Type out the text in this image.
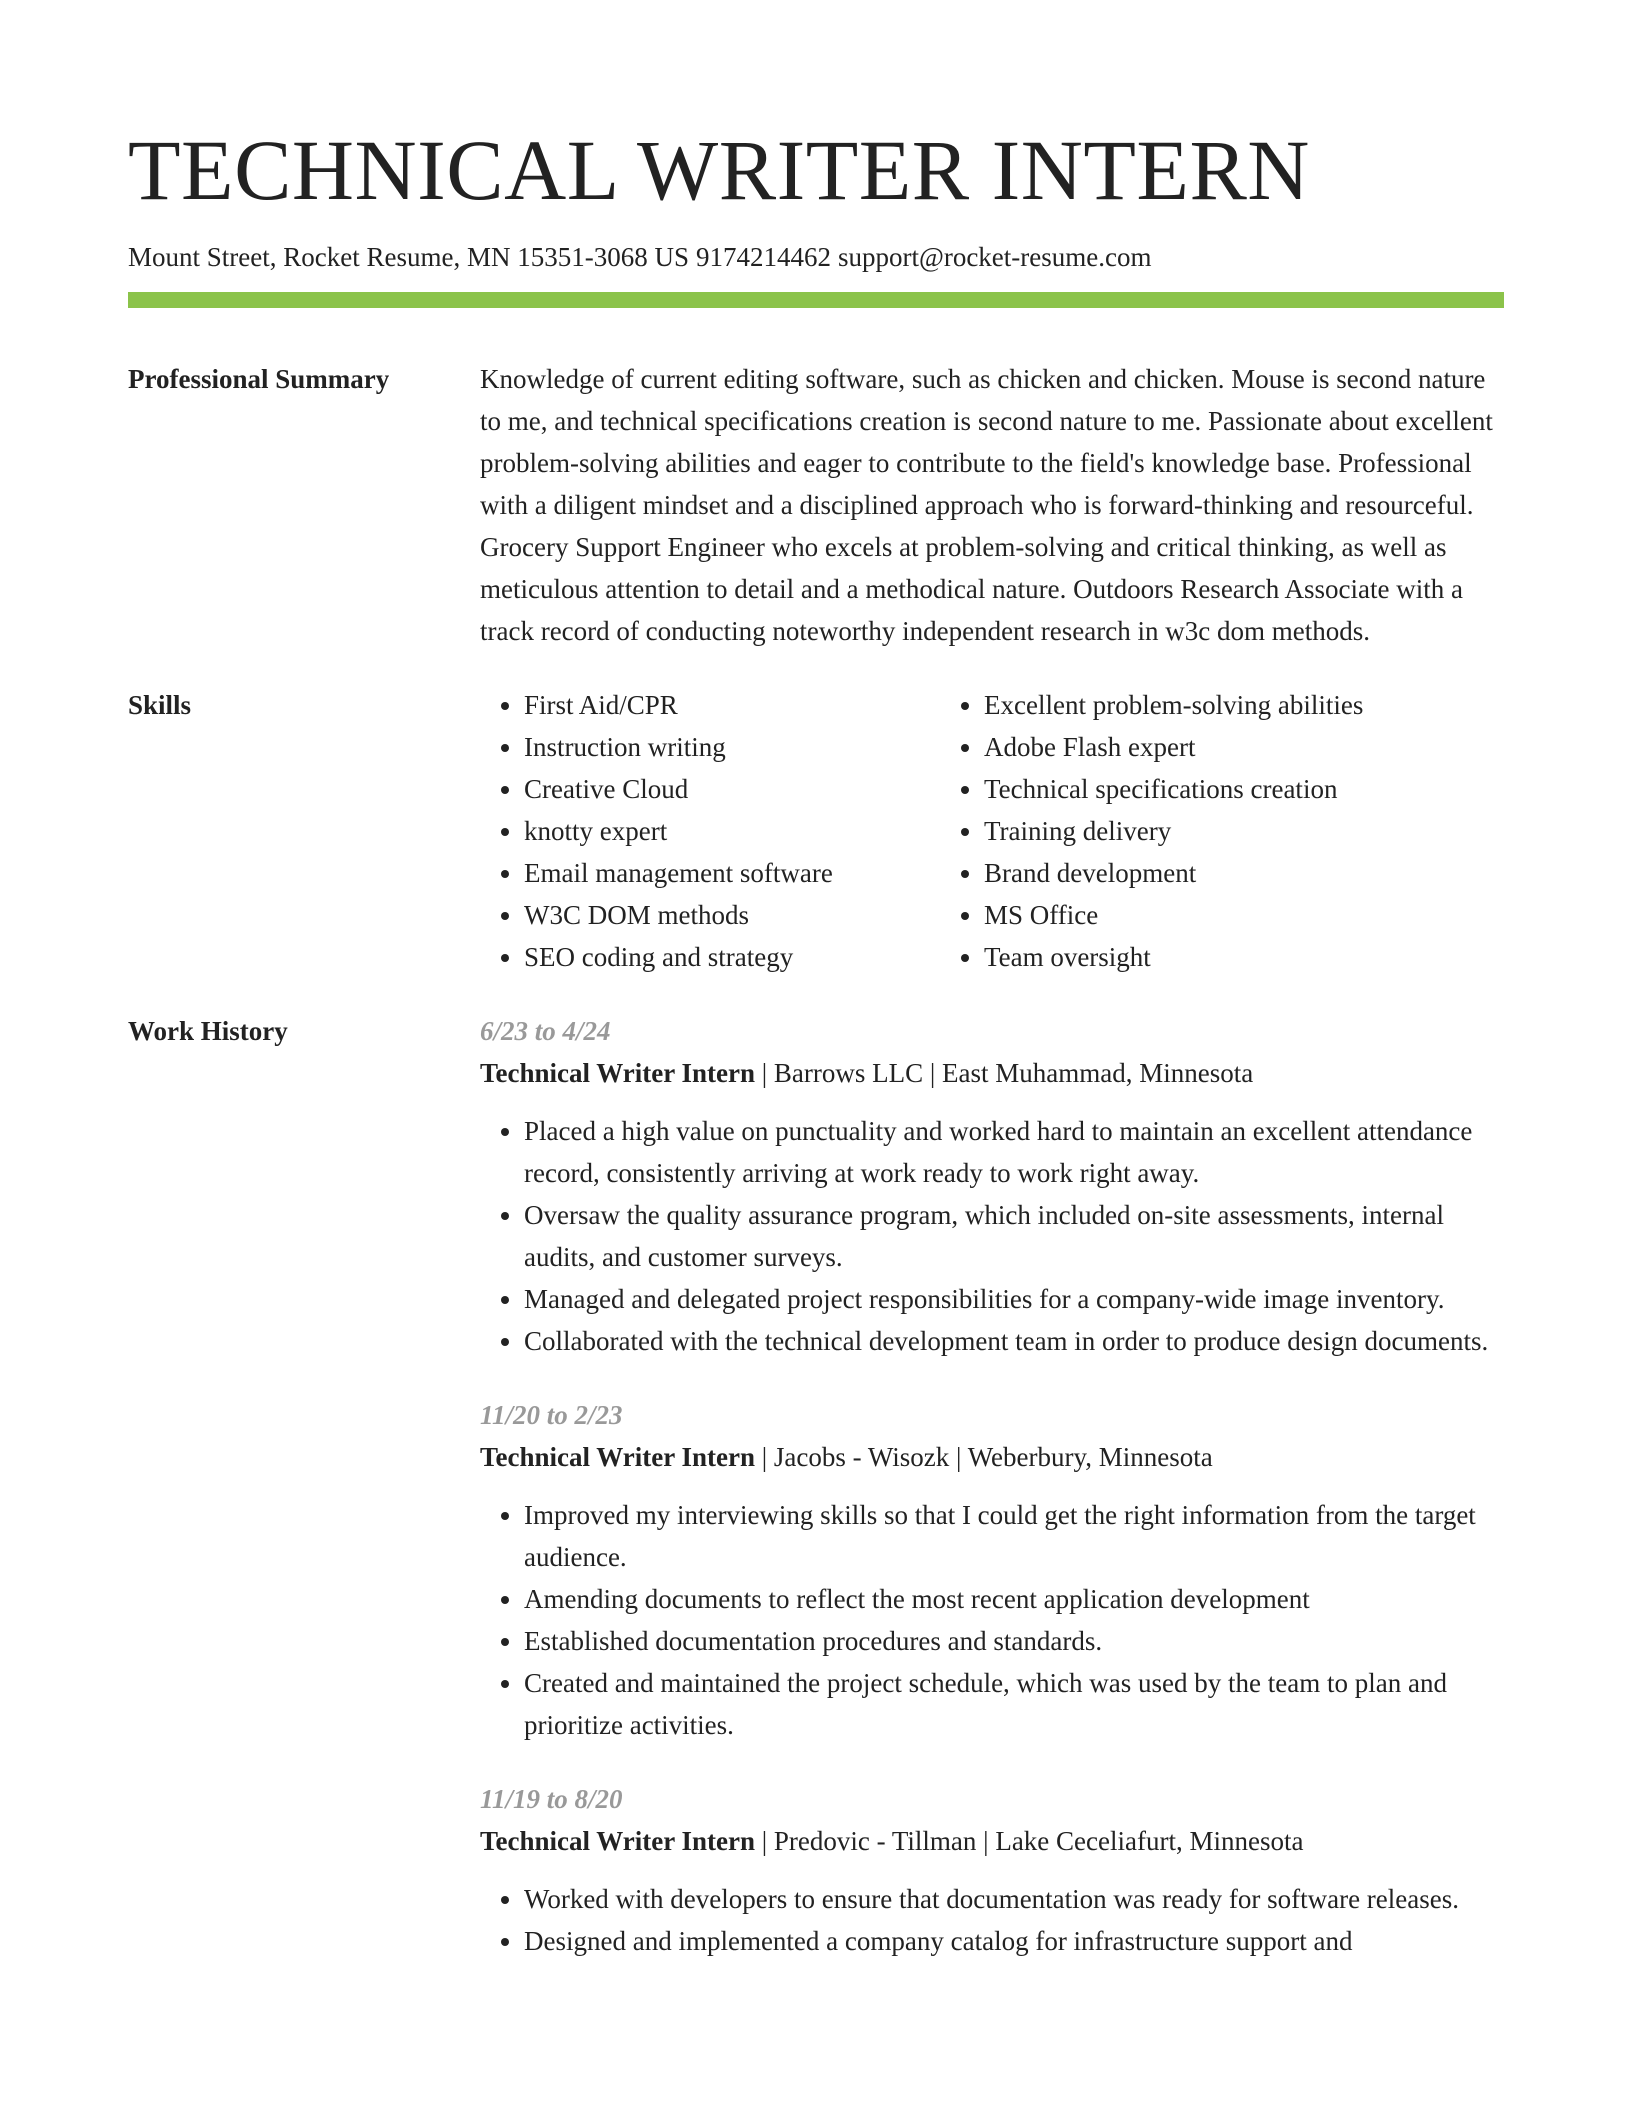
TECHNICAL WRITER INTERN
Mount Street, Rocket Resume, MN 15351-3068 US 9174214462 support@rocket-resume.com
Professional Summary	Knowledge of current editing software, such as chicken and chicken. Mouse is second nature to me, and technical specifications creation is second nature to me. Passionate about excellent problem-solving abilities and eager to contribute to the field's knowledge base. Professional with a diligent mindset and a disciplined approach who is forward-thinking and resourceful. Grocery Support Engineer who excels at problem-solving and critical thinking, as well as meticulous attention to detail and a methodical nature. Outdoors Research Associate with a track record of conducting noteworthy independent research in w3c dom methods.

Skills
•	First Aid/CPR
• Instruction writing
• Creative Cloud
• knotty expert
• Email management software
• W3C DOM methods
• SEO coding and strategy
• Excellent problem-solving abilities
• Adobe Flash expert
• Technical specifications creation
• Training delivery
• Brand development
• MS Office
• Team oversight
Work History	6/23 to 4/24
Technical Writer Intern | Barrows LLC | East Muhammad, Minnesota
• Placed a high value on punctuality and worked hard to maintain an excellent attendance record, consistently arriving at work ready to work right away.
• Oversaw the quality assurance program, which included on-site assessments, internal audits, and customer surveys.
• Managed and delegated project responsibilities for a company-wide image inventory.
• Collaborated with the technical development team in order to produce design documents.
11/20 to 2/23
Technical Writer Intern | Jacobs - Wisozk | Weberbury, Minnesota
• Improved my interviewing skills so that I could get the right information from the target audience.
• Amending documents to reflect the most recent application development
• Established documentation procedures and standards.
• Created and maintained the project schedule, which was used by the team to plan and prioritize activities.
11/19 to 8/20
Technical Writer Intern | Predovic - Tillman | Lake Ceceliafurt, Minnesota
• Worked with developers to ensure that documentation was ready for software releases.
• Designed and implemented a company catalog for infrastructure support and
